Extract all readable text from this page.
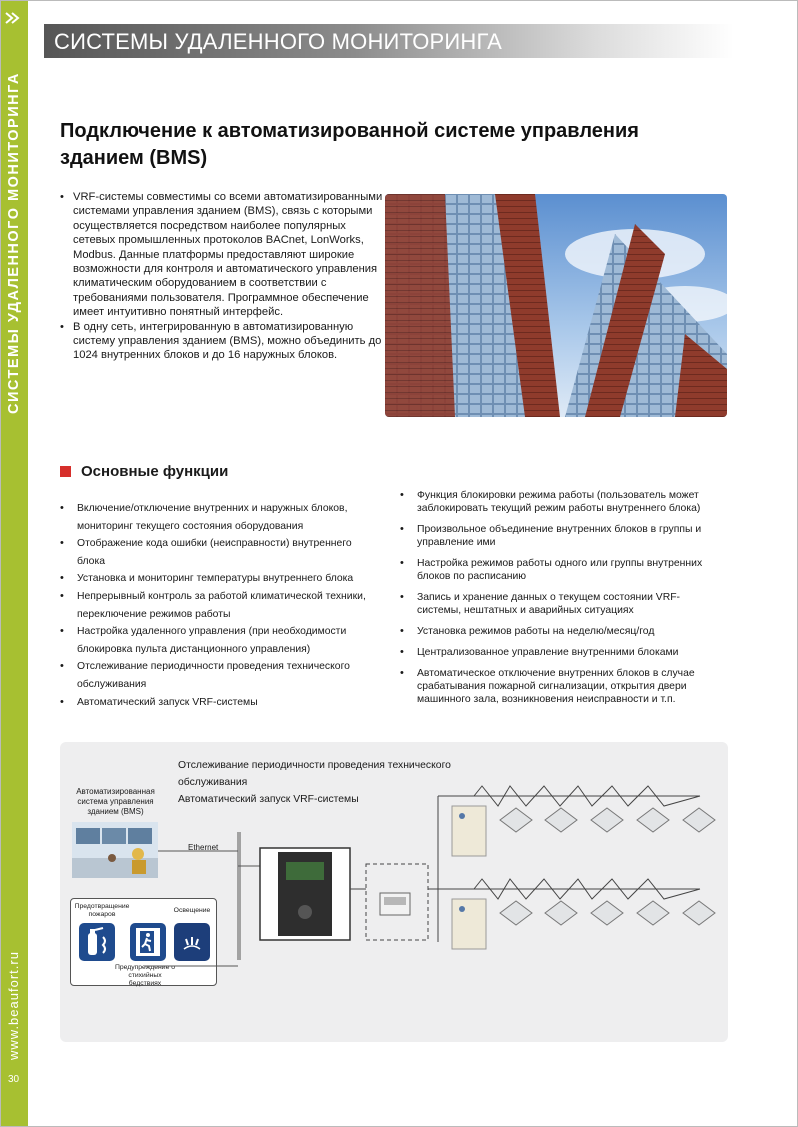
СИСТЕМЫ УДАЛЕННОГО МОНИТОРИНГА
www.beaufort.ru
30
СИСТЕМЫ УДАЛЕННОГО МОНИТОРИНГА
Подключение к автоматизированной системе управления зданием (BMS)
• VRF-системы совместимы со всеми автоматизированными системами управления зданием (BMS), связь с которыми осуществляется посредством наиболее популярных сетевых промышленных протоколов BACnet, LonWorks, Modbus. Данные платформы предоставляют широкие возможности для контроля и автоматического управления климатическим оборудованием в соответствии с требованиями пользователя. Программное обеспечение имеет интуитивно понятный интерфейс.
• В одну сеть, интегрированную в автоматизированную систему управления зданием (BMS), можно объединить до 1024 внутренних блоков и до 16 наружных блоков.
Основные функции
• Включение/отключение внутренних и наружных блоков, мониторинг текущего состояния оборудования
• Отображение кода ошибки (неисправности) внутреннего блока
• Установка и мониторинг температуры внутреннего блока
• Непрерывный контроль за работой климатической техники, переключение режимов работы
• Настройка удаленного управления (при необходимости блокировка пульта дистанционного управления)
• Отслеживание периодичности проведения технического обслуживания
• Автоматический запуск VRF-системы
• Функция блокировки режима работы (пользователь может заблокировать текущий режим работы внутреннего блока)
• Произвольное объединение внутренних блоков в группы и управление ими
• Настройка режимов работы одного или группы внутренних блоков по расписанию
• Запись и хранение данных о текущем состоянии VRF-системы, нештатных и аварийных ситуациях
• Установка режимов работы на неделю/месяц/год
• Централизованное управление внутренними блоками
• Автоматическое отключение внутренних блоков в случае срабатывания пожарной сигнализации, открытия двери машинного зала, возникновения неисправности и т.п.
Отслеживание периодичности проведения технического
обслуживания
Автоматический запуск VRF-системы
Автоматизированная система управления зданием (BMS)
Ethernet
Предотвращение пожаров
Освещение
Предупреждение о стихийных бедствиях
